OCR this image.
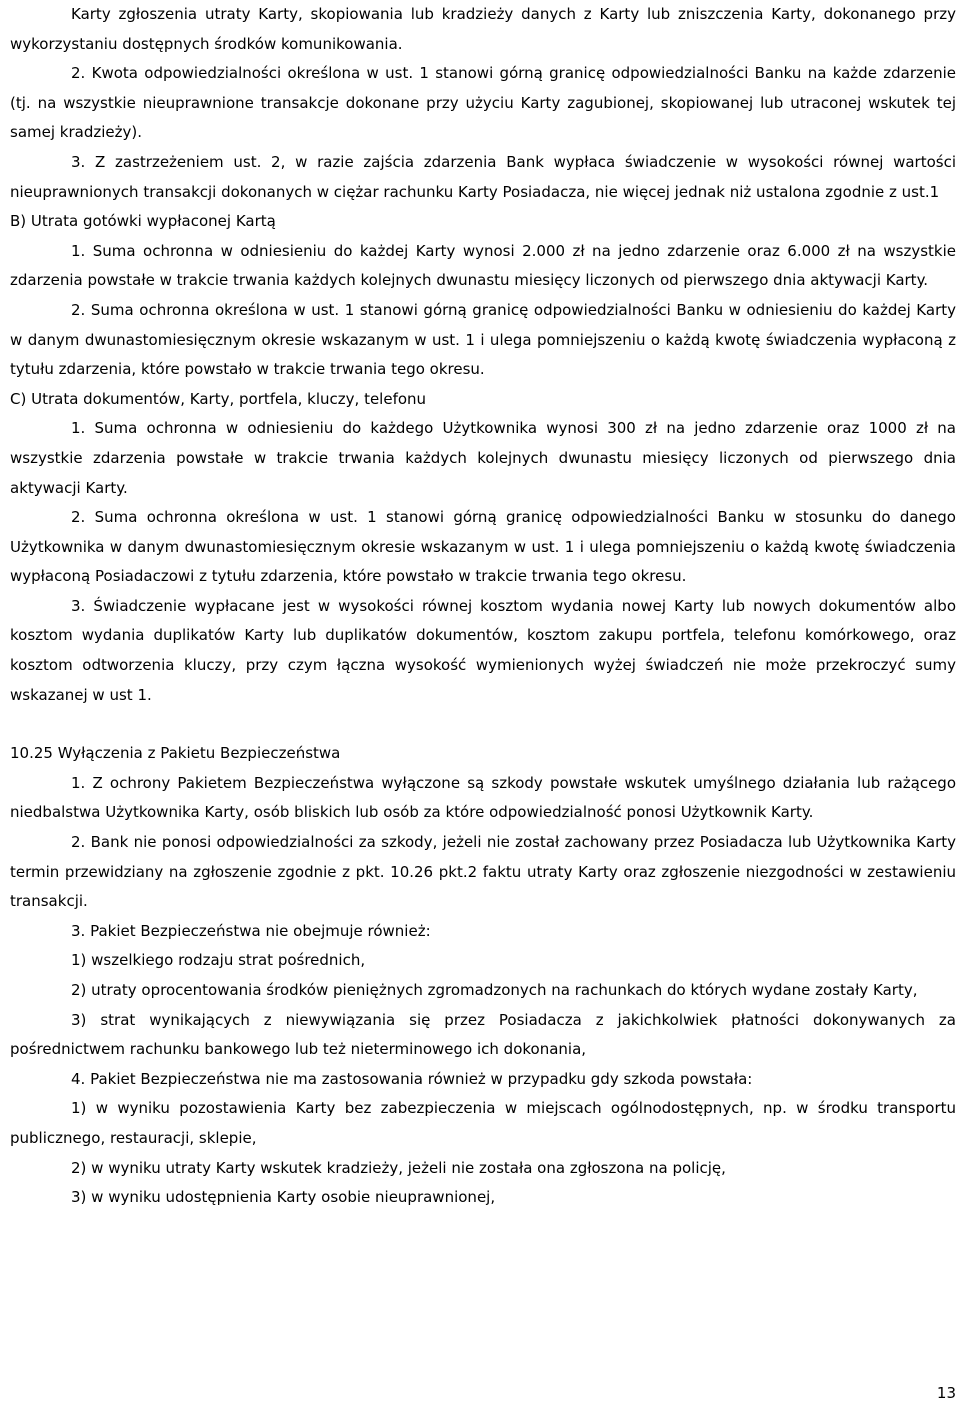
Karty zgłoszenia utraty Karty, skopiowania lub kradzieży danych z Karty lub zniszczenia Karty, dokonanego przy wykorzystaniu dostępnych środków komunikowania.

2. Kwota odpowiedzialności określona w ust. 1 stanowi górną granicę odpowiedzialności Banku na każde zdarzenie (tj. na wszystkie nieuprawnione transakcje dokonane przy użyciu Karty zagubionej, skopiowanej lub utraconej wskutek tej samej kradzieży).

3. Z zastrzeżeniem ust. 2, w razie zajścia zdarzenia Bank wypłaca świadczenie w wysokości równej wartości nieuprawnionych transakcji dokonanych w ciężar rachunku Karty Posiadacza, nie więcej jednak niż ustalona zgodnie z ust.1

B) Utrata gotówki wypłaconej Kartą

1. Suma ochronna w odniesieniu do każdej Karty wynosi 2.000 zł na jedno zdarzenie oraz 6.000 zł na wszystkie zdarzenia powstałe w trakcie trwania każdych kolejnych dwunastu miesięcy liczonych od pierwszego dnia aktywacji Karty.

2. Suma ochronna określona w ust. 1 stanowi górną granicę odpowiedzialności Banku w odniesieniu do każdej Karty w danym dwunastomiesięcznym okresie wskazanym w ust. 1 i ulega pomniejszeniu o każdą kwotę świadczenia wypłaconą z tytułu zdarzenia, które powstało w trakcie trwania tego okresu.

C) Utrata dokumentów, Karty, portfela, kluczy, telefonu

1. Suma ochronna w odniesieniu do każdego Użytkownika wynosi 300 zł na jedno zdarzenie oraz 1000 zł na wszystkie zdarzenia powstałe w trakcie trwania każdych kolejnych dwunastu miesięcy liczonych od pierwszego dnia aktywacji Karty.

2. Suma ochronna określona w ust. 1 stanowi górną granicę odpowiedzialności Banku w stosunku do danego Użytkownika w danym dwunastomiesięcznym okresie wskazanym w ust. 1 i ulega pomniejszeniu o każdą kwotę świadczenia wypłaconą Posiadaczowi z tytułu zdarzenia, które powstało w trakcie trwania tego okresu.

3. Świadczenie wypłacane jest w wysokości równej kosztom wydania nowej Karty lub nowych dokumentów albo kosztom wydania duplikatów Karty lub duplikatów dokumentów, kosztom zakupu portfela, telefonu komórkowego, oraz kosztom odtworzenia kluczy, przy czym łączna wysokość wymienionych wyżej świadczeń nie może przekroczyć sumy wskazanej w ust 1.

10.25 Wyłączenia z Pakietu Bezpieczeństwa

1. Z ochrony Pakietem Bezpieczeństwa wyłączone są szkody powstałe wskutek umyślnego działania lub rażącego niedbalstwa Użytkownika Karty, osób bliskich lub osób za które odpowiedzialność ponosi Użytkownik Karty.

2. Bank nie ponosi odpowiedzialności za szkody, jeżeli nie został zachowany przez Posiadacza lub Użytkownika Karty termin przewidziany na zgłoszenie zgodnie z pkt. 10.26 pkt.2 faktu utraty Karty oraz zgłoszenie niezgodności w zestawieniu transakcji.

3. Pakiet Bezpieczeństwa nie obejmuje również:

1) wszelkiego rodzaju strat pośrednich,

2) utraty oprocentowania środków pieniężnych zgromadzonych na rachunkach do których wydane zostały Karty,

3) strat wynikających z niewywiązania się przez Posiadacza z jakichkolwiek płatności dokonywanych za pośrednictwem rachunku bankowego lub też nieterminowego ich dokonania,

4. Pakiet Bezpieczeństwa nie ma zastosowania również w przypadku gdy szkoda powstała:

1) w wyniku pozostawienia Karty bez zabezpieczenia w miejscach ogólnodostępnych, np. w środku transportu publicznego, restauracji, sklepie,

2) w wyniku utraty Karty wskutek kradzieży, jeżeli nie została ona zgłoszona na policję,

3) w wyniku udostępnienia Karty osobie nieuprawnionej,

13
